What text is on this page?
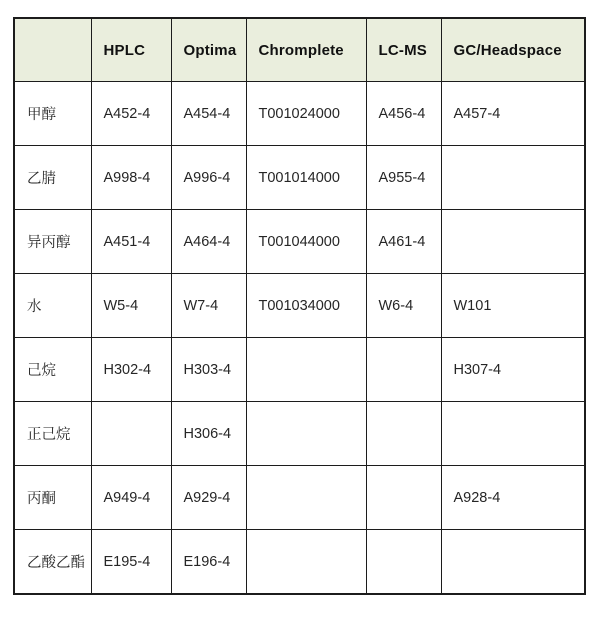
	HPLC	Optima	Chromplete	LC-MS	GC/Headspace
甲醇	A452-4	A454-4	T001024000	A456-4	A457-4
乙腈	A998-4	A996-4	T001014000	A955-4	
异丙醇	A451-4	A464-4	T001044000	A461-4	
水	W5-4	W7-4	T001034000	W6-4	W101
己烷	H302-4	H303-4			H307-4
正己烷		H306-4			
丙酮	A949-4	A929-4			A928-4
乙酸乙酯	E195-4	E196-4			
